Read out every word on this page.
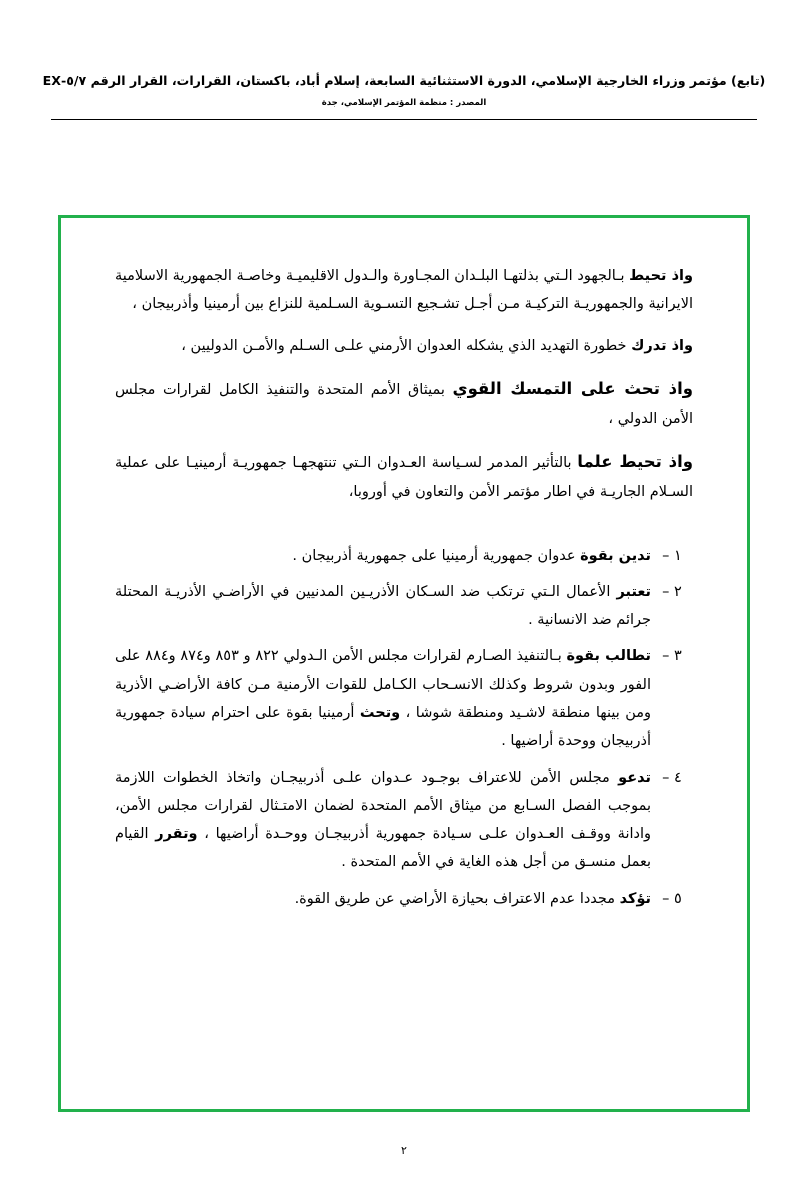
(تابع) مؤتمر وزراء الخارجية الإسلامي، الدورة الاستثنائية السابعة، إسلام أباد، باكستان، القرارات، القرار الرقم ٥/٧-EX
المصدر : منظمة المؤتمر الإسلامي، جدة

واذ تحيط بـالجهود الـتي بذلتهـا البلـدان المجـاورة والـدول الاقليميـة وخاصـة الجمهورية الاسلامية الايرانية والجمهوريـة التركيـة مـن أجـل تشـجيع التسـوية السـلمية للنزاع بين أرمينيا وأذربيجان ،

واذ تدرك خطورة التهديد الذي يشكله العدوان الأرمني علـى السـلم والأمـن الدوليين ،

واذ تحث على التمسك القوي بميثاق الأمم المتحدة والتنفيذ الكامل لقرارات مجلس الأمن الدولي ،

واذ تحيط علما بالتأثير المدمر لسـياسة العـدوان الـتي تنتهجهـا جمهوريـة أرمينيـا على عملية السـلام الجاريـة في اطار مؤتمر الأمن والتعاون في أوروبا،

١ –
تدين بقوة عدوان جمهورية أرمينيا على جمهورية أذربيجان .
٢ –
تعتبر الأعمال الـتي ترتكب ضد السـكان الأذريـين المدنيين في الأراضـي الأذريـة المحتلة جرائم ضد الانسانية .
٣ –
تطالب بقوة بـالتنفيذ الصـارم لقرارات مجلس الأمن الـدولي ٨٢٢ و ٨٥٣ و٨٧٤ و٨٨٤ على الفور وبدون شروط وكذلك الانسـحاب الكـامل للقوات الأرمنية مـن كافة الأراضـي الأذرية ومن بينها منطقة لاشـيد ومنطقة شوشا ، وتحث أرمينيا بقوة على احترام سيادة جمهورية أذربيجان ووحدة أراضيها .
٤ –
تدعو مجلس الأمن للاعتراف بوجـود عـدوان علـى أذربيجـان واتخاذ الخطوات اللازمة بموجب الفصل السـابع من ميثاق الأمم المتحدة لضمان الامتـثال لقرارات مجلس الأمن، وادانة ووقـف العـدوان علـى سـيادة جمهورية أذربيجـان ووحـدة أراضيها ، وتقرر القيام بعمل منسـق من أجل هذه الغاية في الأمم المتحدة .
٥ –
تؤكد مجددا عدم الاعتراف بحيازة الأراضي عن طريق القوة.
٢
